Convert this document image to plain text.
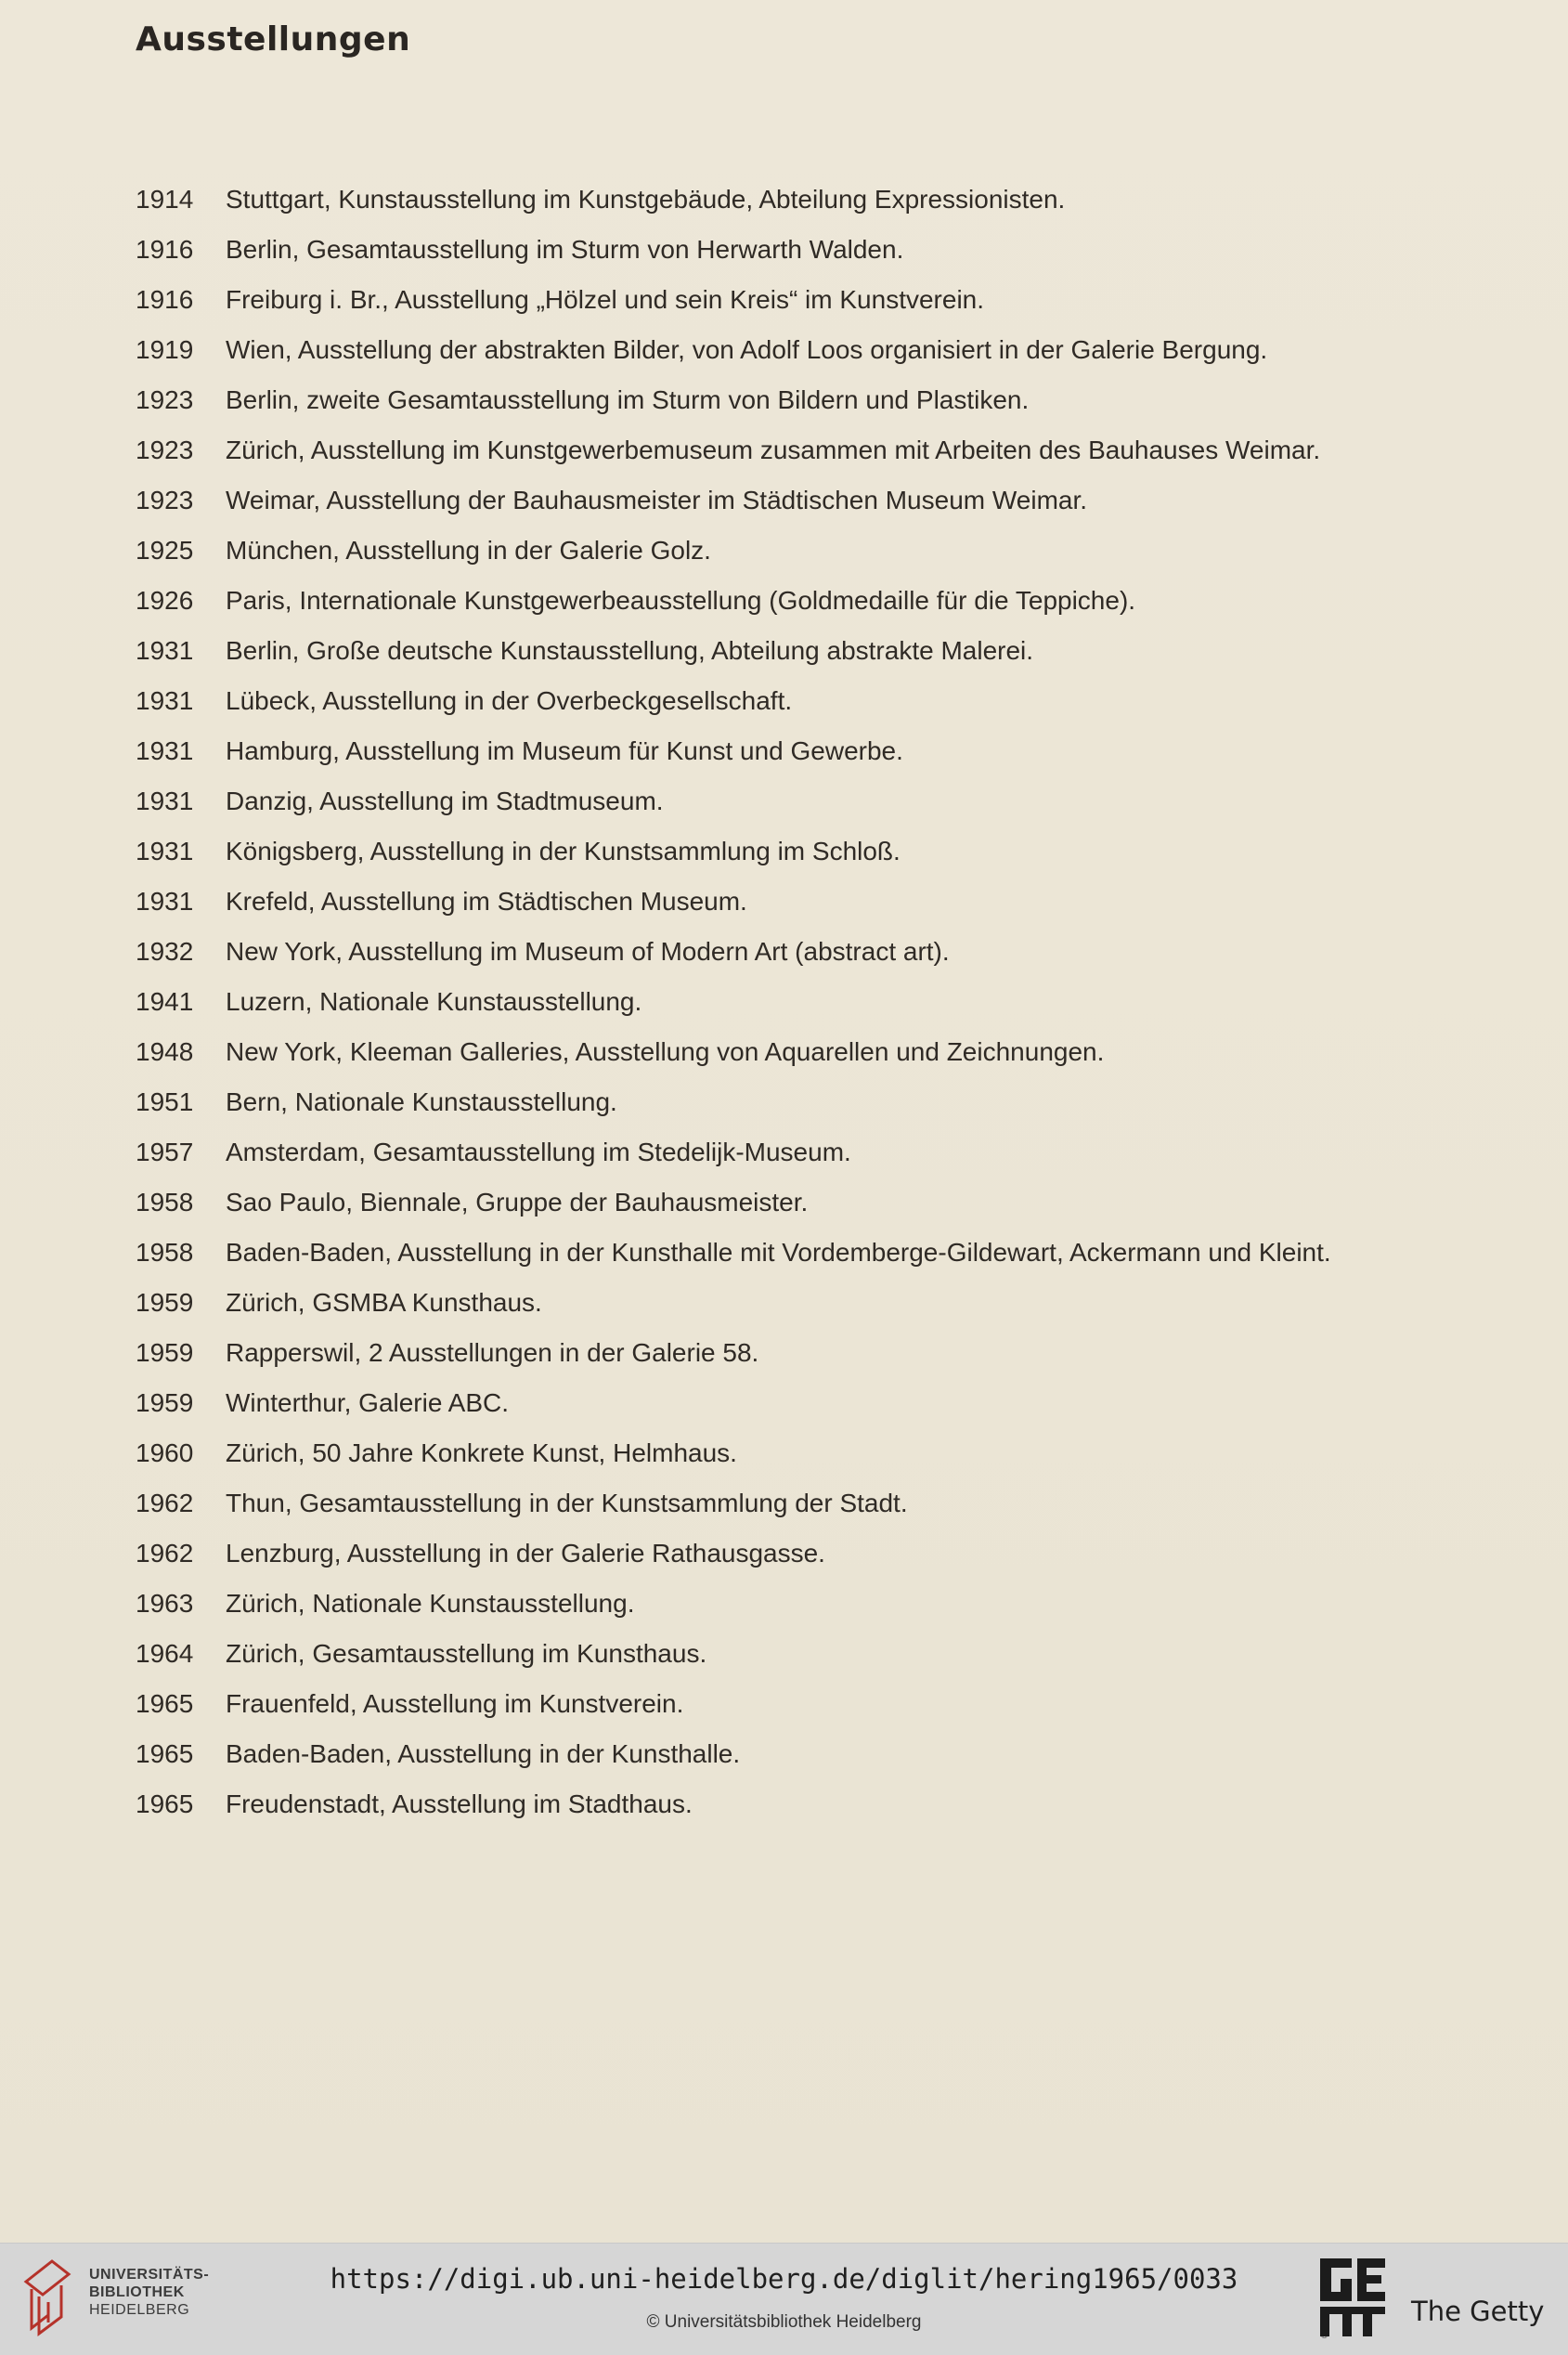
Ausstellungen
1914	Stuttgart, Kunstausstellung im Kunstgebäude, Abteilung Expressionisten.
1916	Berlin, Gesamtausstellung im Sturm von Herwarth Walden.
1916	Freiburg i. Br., Ausstellung „Hölzel und sein Kreis“ im Kunstverein.
1919	Wien, Ausstellung der abstrakten Bilder, von Adolf Loos organisiert in der Galerie Bergung.
1923	Berlin, zweite Gesamtausstellung im Sturm von Bildern und Plastiken.
1923	Zürich, Ausstellung im Kunstgewerbemuseum zusammen mit Arbeiten des Bauhauses Weimar.
1923	Weimar, Ausstellung der Bauhausmeister im Städtischen Museum Weimar.
1925	München, Ausstellung in der Galerie Golz.
1926	Paris, Internationale Kunstgewerbeausstellung (Goldmedaille für die Teppiche).
1931	Berlin, Große deutsche Kunstausstellung, Abteilung abstrakte Malerei.
1931	Lübeck, Ausstellung in der Overbeckgesellschaft.
1931	Hamburg, Ausstellung im Museum für Kunst und Gewerbe.
1931	Danzig, Ausstellung im Stadtmuseum.
1931	Königsberg, Ausstellung in der Kunstsammlung im Schloß.
1931	Krefeld, Ausstellung im Städtischen Museum.
1932	New York, Ausstellung im Museum of Modern Art (abstract art).
1941	Luzern, Nationale Kunstausstellung.
1948	New York, Kleeman Galleries, Ausstellung von Aquarellen und Zeichnungen.
1951	Bern, Nationale Kunstausstellung.
1957	Amsterdam, Gesamtausstellung im Stedelijk-Museum.
1958	Sao Paulo, Biennale, Gruppe der Bauhausmeister.
1958	Baden-Baden, Ausstellung in der Kunsthalle mit Vordemberge-Gildewart, Ackermann und Kleint.
1959	Zürich, GSMBA Kunsthaus.
1959	Rapperswil, 2 Ausstellungen in der Galerie 58.
1959	Winterthur, Galerie ABC.
1960	Zürich, 50 Jahre Konkrete Kunst, Helmhaus.
1962	Thun, Gesamtausstellung in der Kunstsammlung der Stadt.
1962	Lenzburg, Ausstellung in der Galerie Rathausgasse.
1963	Zürich, Nationale Kunstausstellung.
1964	Zürich, Gesamtausstellung im Kunsthaus.
1965	Frauenfeld, Ausstellung im Kunstverein.
1965	Baden-Baden, Ausstellung in der Kunsthalle.
1965	Freudenstadt, Ausstellung im Stadthaus.
UNIVERSITÄTS-
BIBLIOTHEK
HEIDELBERG
https://digi.ub.uni-heidelberg.de/diglit/hering1965/0033
© Universitätsbibliothek Heidelberg
®
The Getty
